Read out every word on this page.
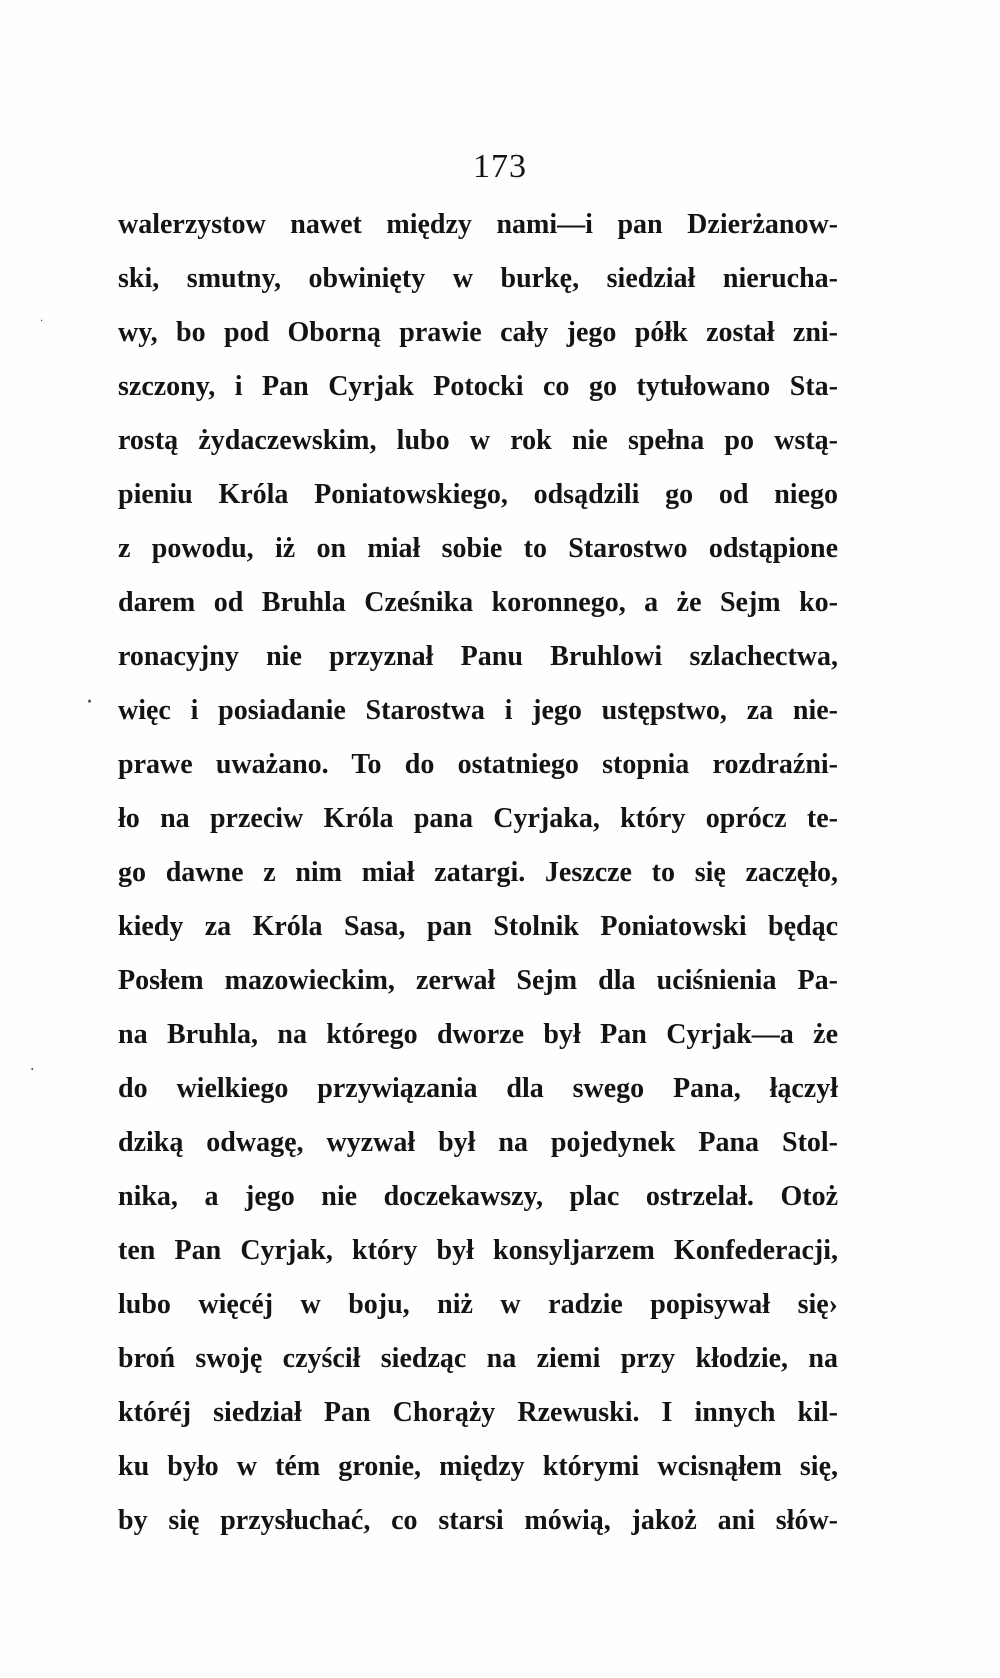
173
walerzystow nawet między nami—i pan Dzierżanow-
ski, smutny, obwinięty w burkę, siedział nierucha-
wy, bo pod Oborną prawie cały jego półk został zni-
szczony, i Pan Cyrjak Potocki co go tytułowano Sta-
rostą żydaczewskim, lubo w rok nie spełna po wstą-
pieniu Króla Poniatowskiego, odsądzili go od niego
z powodu, iż on miał sobie to Starostwo odstąpione
darem od Bruhla Cześnika koronnego, a że Sejm ko-
ronacyjny nie przyznał Panu Bruhlowi szlachectwa,
więc i posiadanie Starostwa i jego ustępstwo, za nie-
prawe uważano. To do ostatniego stopnia rozdraźni-
ło na przeciw Króla pana Cyrjaka, który oprócz te-
go dawne z nim miał zatargi. Jeszcze to się zaczęło,
kiedy za Króla Sasa, pan Stolnik Poniatowski będąc
Posłem mazowieckim, zerwał Sejm dla uciśnienia Pa-
na Bruhla, na którego dworze był Pan Cyrjak—a że
do wielkiego przywiązania dla swego Pana, łączył
dziką odwagę, wyzwał był na pojedynek Pana Stol-
nika, a jego nie doczekawszy, plac ostrzelał. Otoż
ten Pan Cyrjak, który był konsyljarzem Konfederacji,
lubo więcéj w boju, niż w radzie popisywał się›
broń swoję czyścił siedząc na ziemi przy kłodzie, na
któréj siedział Pan Chorąży Rzewuski. I innych kil-
ku było w tém gronie, między którymi wcisnąłem się,
by się przysłuchać, co starsi mówią, jakoż ani słów-
·
·
·
